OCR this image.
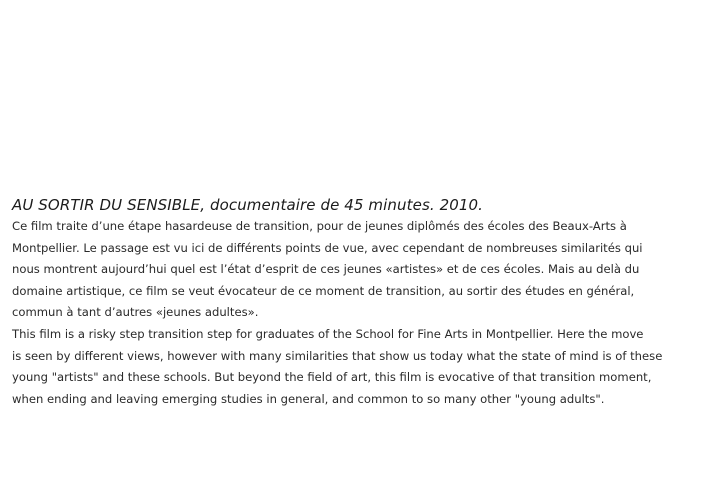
AU SORTIR DU SENSIBLE, documentaire de 45 minutes. 2010.

Ce film traite d’une étape hasardeuse de transition, pour de jeunes diplômés des écoles des Beaux-Arts à
Montpellier. Le passage est vu ici de différents points de vue, avec cependant de nombreuses similarités qui
nous montrent aujourd’hui quel est l’état d’esprit de ces jeunes «artistes» et de ces écoles. Mais au delà du
domaine artistique, ce film se veut évocateur de ce moment de transition, au sortir des études en général,
commun à tant d’autres «jeunes adultes».

This film is a risky step transition step for graduates of the School for Fine Arts in Montpellier. Here the move
is seen by different views, however with many similarities that show us today what the state of mind is of these
young "artists" and these schools. But beyond the field of art, this film is evocative of that transition moment,
when ending and leaving emerging studies in general, and common to so many other "young adults".
